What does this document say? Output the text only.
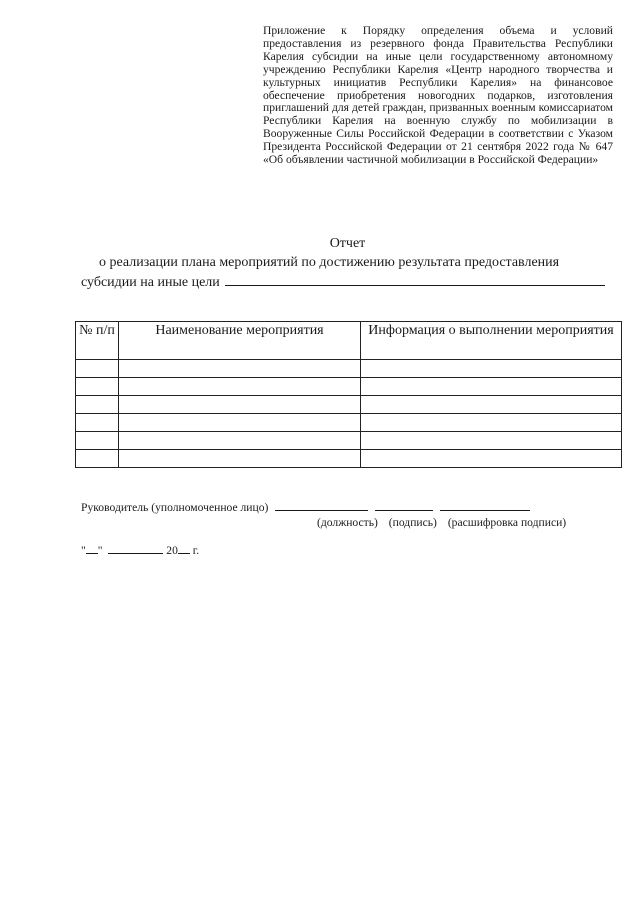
Приложение к Порядку определения объема и условий предоставления из резервного фонда Правительства Республики Карелия субсидии на иные цели государственному автономному учреждению Республики Карелия «Центр народного творчества и культурных инициатив Республики Карелия» на финансовое обеспечение приобретения новогодних подарков, изготовления приглашений для детей граждан, призванных военным комиссариатом Республики Карелия на военную службу по мобилизации в Вооруженные Силы Российской Федерации в соответствии с Указом Президента Российской Федерации от 21 сентября 2022 года № 647 «Об объявлении частичной мобилизации в Российской Федерации»
Отчет
о реализации плана мероприятий по достижению результата предоставления
субсидии на иные цели
№ п/п	Наименование мероприятия	Информация о выполнении мероприятия

Руководитель (уполномоченное лицо)
(должность) (подпись) (расшифровка подписи)
" "	20 г.
